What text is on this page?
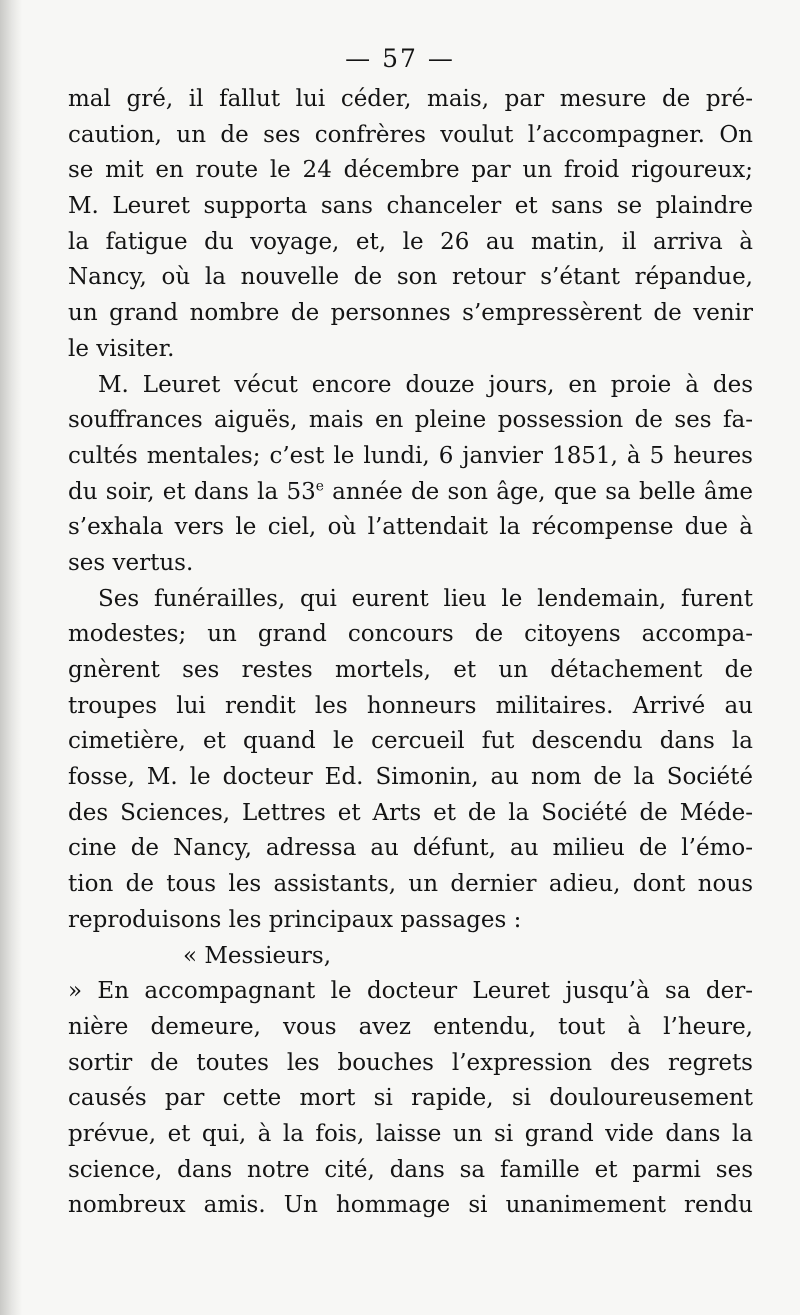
— 57 —
mal gré, il fallut lui céder, mais, par mesure de pré-
caution, un de ses confrères voulut l’accompagner. On
se mit en route le 24 décembre par un froid rigoureux;
M. Leuret supporta sans chanceler et sans se plaindre
la fatigue du voyage, et, le 26 au matin, il arriva à
Nancy, où la nouvelle de son retour s’étant répandue,
un grand nombre de personnes s’empressèrent de venir
le visiter.
M. Leuret vécut encore douze jours, en proie à des
souffrances aiguës, mais en pleine possession de ses fa-
cultés mentales; c’est le lundi, 6 janvier 1851, à 5 heures
du soir, et dans la 53e année de son âge, que sa belle âme
s’exhala vers le ciel, où l’attendait la récompense due à
ses vertus.
Ses funérailles, qui eurent lieu le lendemain, furent
modestes; un grand concours de citoyens accompa-
gnèrent ses restes mortels, et un détachement de
troupes lui rendit les honneurs militaires. Arrivé au
cimetière, et quand le cercueil fut descendu dans la
fosse, M. le docteur Ed. Simonin, au nom de la Société
des Sciences, Lettres et Arts et de la Société de Méde-
cine de Nancy, adressa au défunt, au milieu de l’émo-
tion de tous les assistants, un dernier adieu, dont nous
reproduisons les principaux passages :
« Messieurs,
» En accompagnant le docteur Leuret jusqu’à sa der-
nière demeure, vous avez entendu, tout à l’heure,
sortir de toutes les bouches l’expression des regrets
causés par cette mort si rapide, si douloureusement
prévue, et qui, à la fois, laisse un si grand vide dans la
science, dans notre cité, dans sa famille et parmi ses
nombreux amis. Un hommage si unanimement rendu
